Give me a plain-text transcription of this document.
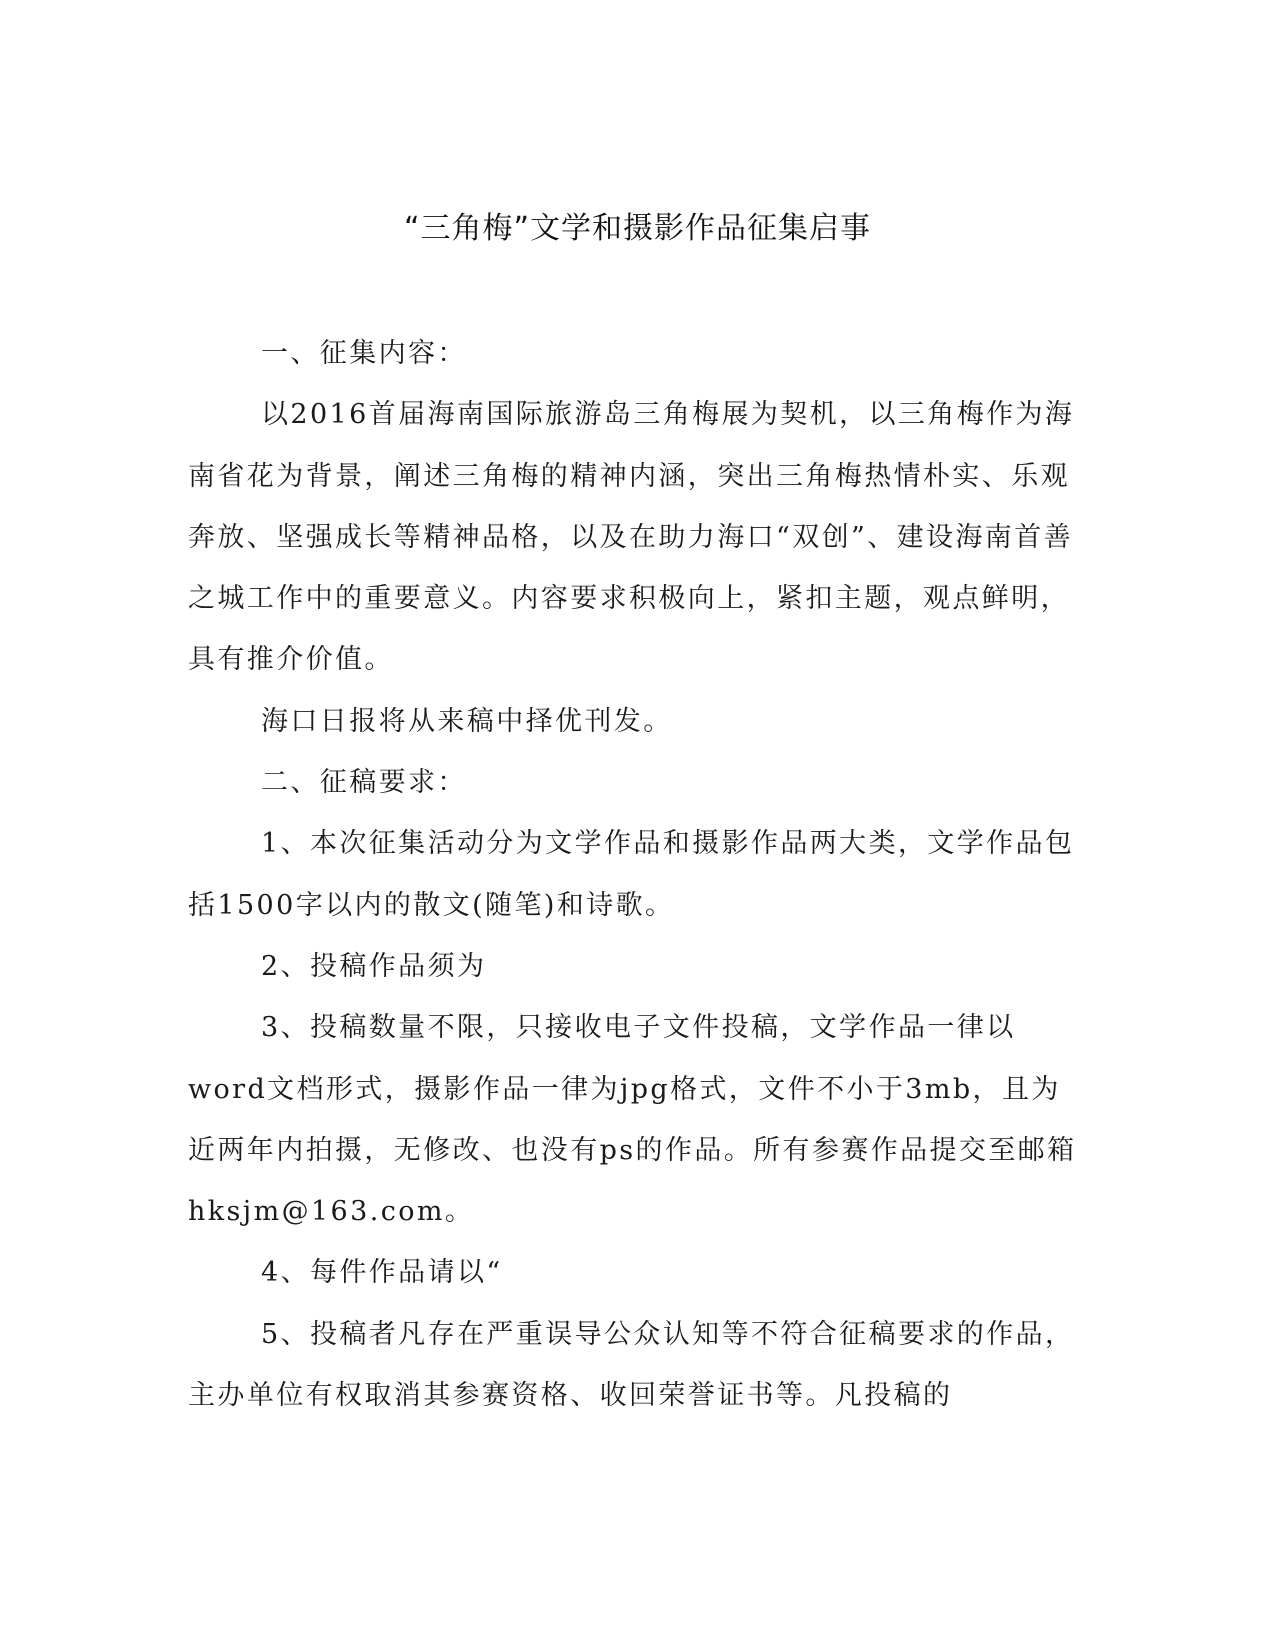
“三角梅”文学和摄影作品征集启事

一、征集内容：

以2016首届海南国际旅游岛三角梅展为契机，以三角梅作为海南省花为背景，阐述三角梅的精神内涵，突出三角梅热情朴实、乐观奔放、坚强成长等精神品格，以及在助力海口“双创”、建设海南首善之城工作中的重要意义。内容要求积极向上，紧扣主题，观点鲜明，具有推介价值。

海口日报将从来稿中择优刊发。

二、征稿要求：

1、本次征集活动分为文学作品和摄影作品两大类，文学作品包括1500字以内的散文(随笔)和诗歌。

2、投稿作品须为

3、投稿数量不限，只接收电子文件投稿，文学作品一律以word文档形式，摄影作品一律为jpg格式，文件不小于3mb，且为近两年内拍摄，无修改、也没有ps的作品。所有参赛作品提交至邮箱

hksjm@163.com。

4、每件作品请以“

5、投稿者凡存在严重误导公众认知等不符合征稿要求的作品，主办单位有权取消其参赛资格、收回荣誉证书等。凡投稿的
